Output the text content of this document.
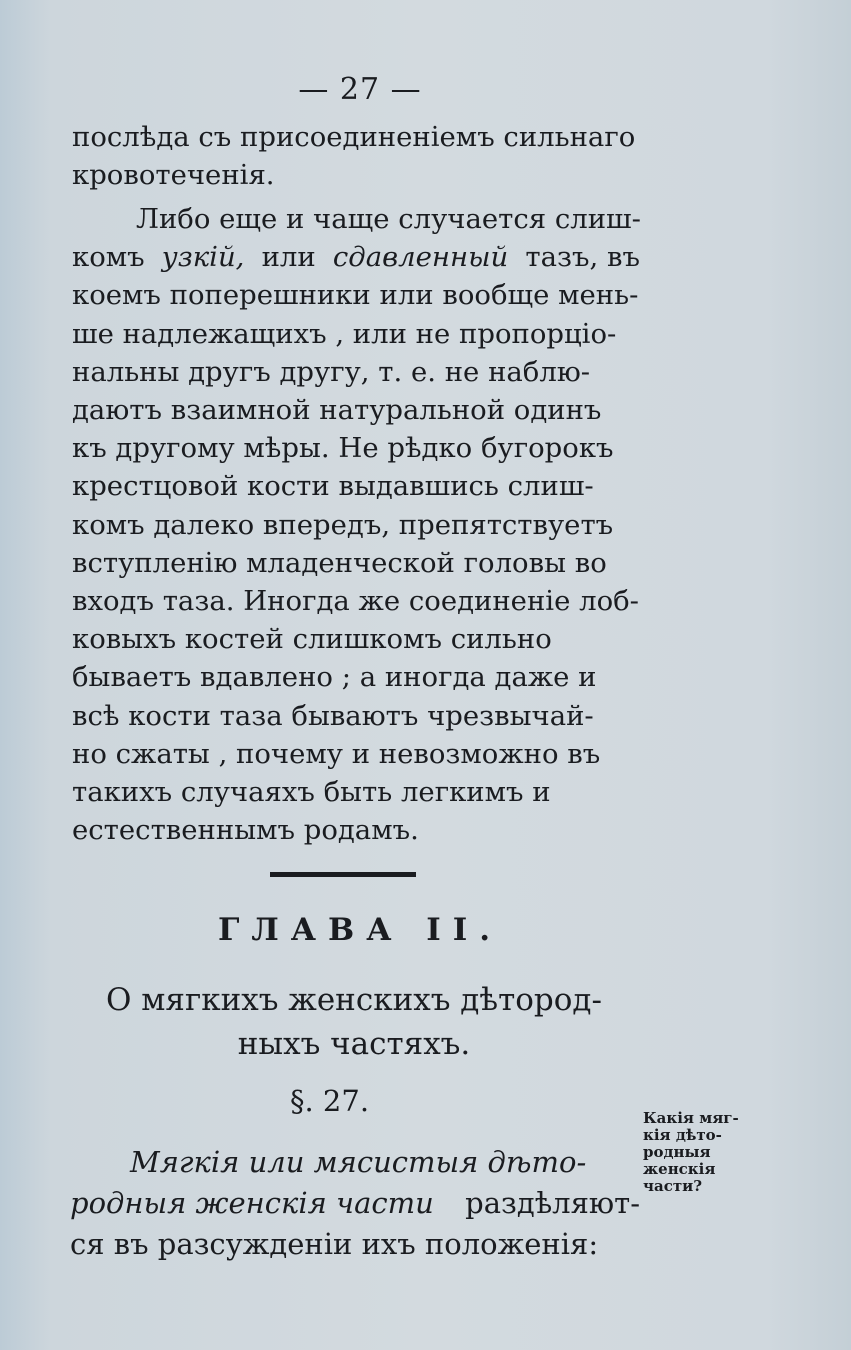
— 27 —
послѣда съ присоединеніемъ сильнаго
кровотеченія.
Либо еще и чаще случается слиш-
комъ узкій, или сдавленный тазъ, въ
коемъ поперешники или вообще мень-
ше надлежащихъ , или не пропорціо-
нальны другъ другу, т. е. не наблю-
даютъ взаимной натуральной одинъ
къ другому мѣры. Не рѣдко бугорокъ
крестцовой кости выдавшись слиш-
комъ далеко впередъ, препятствуетъ
вступленію младенческой головы во
входъ таза. Иногда же соединеніе лоб-
ковыхъ костей слишкомъ сильно
бываетъ вдавлено ; а иногда даже и
всѣ кости таза бываютъ чрезвычай-
но сжаты , почему и невозможно въ
такихъ случаяхъ быть легкимъ и
естественнымъ родамъ.
ГЛАВА II.
О мягкихъ женскихъ дѣтород-
ныхъ частяхъ.
§. 27.	Какія мяг-
кія дѣто-
родныя
женскія
части?
Мягкія или мясистыя дѣто-
родныя женскія части раздѣляют-
ся въ разсужденіи ихъ положенія:
